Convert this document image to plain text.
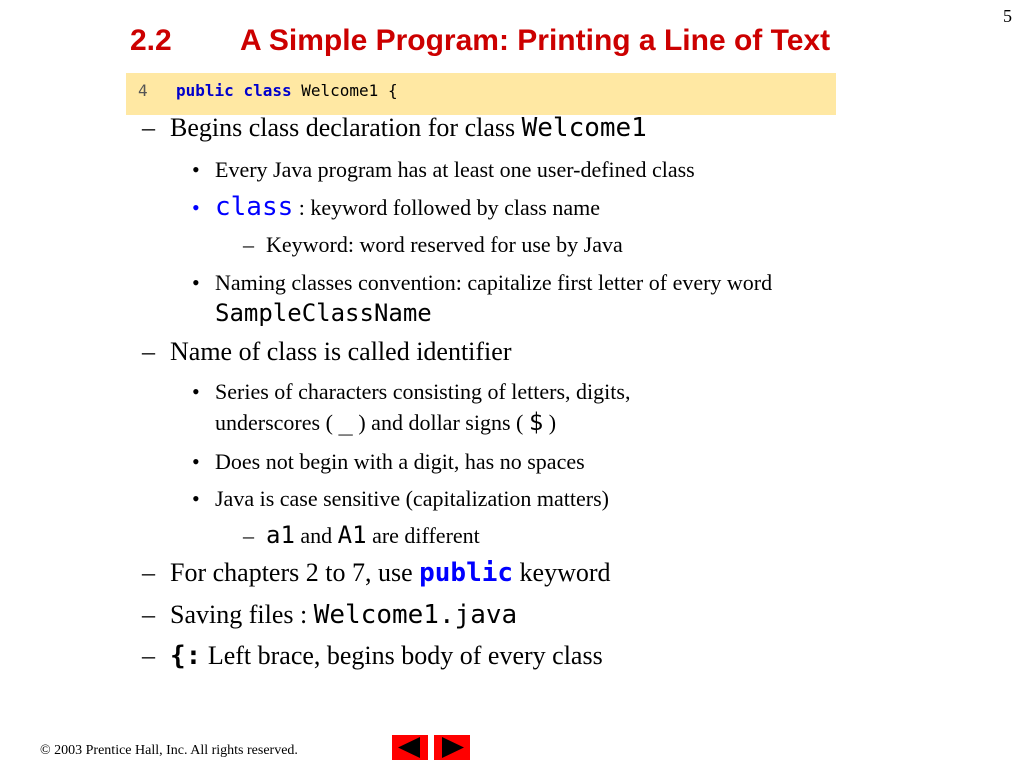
5
2.2 A Simple Program: Printing a Line of Text
4 public class Welcome1 {
– Begins class declaration for class Welcome1
• Every Java program has at least one user-defined class
• class : keyword followed by class name
– Keyword: word reserved for use by Java
• Naming classes convention: capitalize first letter of every word
SampleClassName
– Name of class is called identifier
• Series of characters consisting of letters, digits,
underscores ( _ ) and dollar signs ( $ )
• Does not begin with a digit, has no spaces
• Java is case sensitive (capitalization matters)
– a1 and A1 are different
– For chapters 2 to 7, use public keyword
– Saving files : Welcome1.java
– {: Left brace, begins body of every class
© 2003 Prentice Hall, Inc. All rights reserved.
